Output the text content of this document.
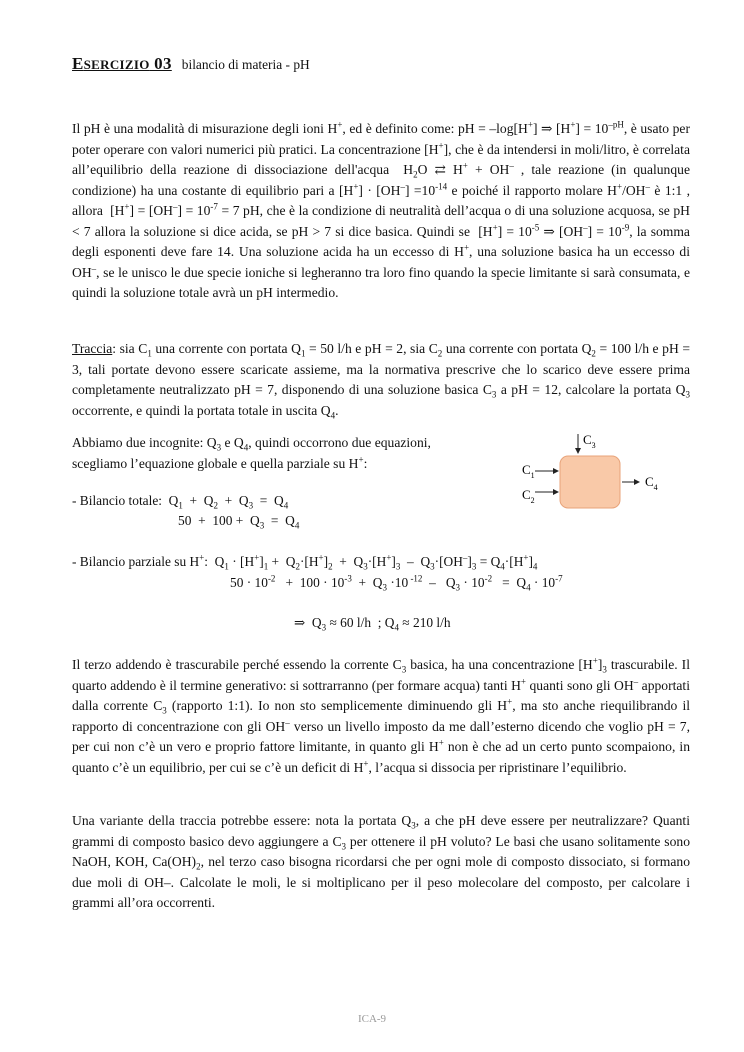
ESERCIZIO 03 bilancio di materia - pH
Il pH è una modalità di misurazione degli ioni H+, ed è definito come: pH = –log[H+] ⇒ $[H^+] = 10^{-pH}$, è usato per poter operare con valori numerici più pratici. La concentrazione [H+], che è da intendersi in moli/litro, è correlata all’equilibrio della reazione di dissociazione dell'acqua  $H_2O$ ⇄ H+ + OH– , tale reazione (in qualunque condizione) ha una costante di equilibrio pari a $[H^+] \cdot [OH^-] =10^{-14}$ e poiché il rapporto molare H+/OH– è 1:1 , allora  $[H^+] = [OH^-] = 10^{-7} = 7$ pH, che è la condizione di neutralità dell’acqua o di una soluzione acquosa, se pH < 7 allora la soluzione si dice acida, se pH > 7 si dice basica. Quindi se  $[H^+] = 10^{-5}$ ⇒ $[OH^-] = 10^{-9}$, la somma degli esponenti deve fare 14. Una soluzione acida ha un eccesso di H+, una soluzione basica ha un eccesso di OH–, se le unisco le due specie ioniche si legheranno tra loro fino quando la specie limitante si sarà consumata, e quindi la soluzione totale avrà un pH intermedio.
Traccia: sia $C_1$ una corrente con portata $Q_1 = 50$ l/h e pH = 2, sia $C_2$ una corrente con portata $Q_2 = 100$ l/h e pH = 3, tali portate devono essere scaricate assieme, ma la normativa prescrive che lo scarico deve essere prima completamente neutralizzato pH = 7, disponendo di una soluzione basica $C_3$ a pH = 12, calcolare la portata $Q_3$ occorrente, e quindi la portata totale in uscita $Q_4$.
Abbiamo due incognite: $Q_3$ e $Q_4$, quindi occorrono due equazioni,
scegliamo l’equazione globale e quella parziale su H+:
$C_3$
$C_1$
$C_2$
$C_4$
- Bilancio totale:  $Q_1 + Q_2 + Q_3 = Q_4$
$50 + 100 + Q_3 = Q_4$
- Bilancio parziale su H+:  $Q_1 \cdot [H^+]_1 + Q_2\cdot[H^+]_2 + Q_3\cdot[H^+]_3 - Q_3\cdot[OH^-]_3 = Q_4\cdot[H^+]_4$
$50 \cdot 10^{-2} + 100 \cdot 10^{-3} + Q_3 \cdot 10$ $^{-12} - Q_3 \cdot 10^{-2} = Q_4 \cdot 10^{-7}$
⇒  $Q_3 \approx 60$ l/h  ; $Q_4 \approx 210$ l/h
Il terzo addendo è trascurabile perché essendo la corrente $C_3$ basica, ha una concentrazione $[H^+]_3$ trascurabile. Il quarto addendo è il termine generativo: si sottrarranno (per formare acqua) tanti H+ quanti sono gli OH– apportati dalla corrente $C_3$ (rapporto 1:1). Io non sto semplicemente diminuendo gli H+, ma sto anche riequilibrando il rapporto di concentrazione con gli OH– verso un livello imposto da me dall’esterno dicendo che voglio pH = 7, per cui non c’è un vero e proprio fattore limitante, in quanto gli H+ non è che ad un certo punto scompaiono, in quanto c’è un equilibrio, per cui se c’è un deficit di H+, l’acqua si dissocia per ripristinare l’equilibrio.
Una variante della traccia potrebbe essere: nota la portata $Q_3$, a che pH deve essere per neutralizzare? Quanti grammi di composto basico devo aggiungere a $C_3$ per ottenere il pH voluto? Le basi che usano solitamente sono NaOH, KOH, $Ca(OH)_2$, nel terzo caso bisogna ricordarsi che per ogni mole di composto dissociato, si formano due moli di OH–. Calcolate le moli, le si moltiplicano per il peso molecolare del composto, per calcolare i grammi all’ora occorrenti.
ICA-9
